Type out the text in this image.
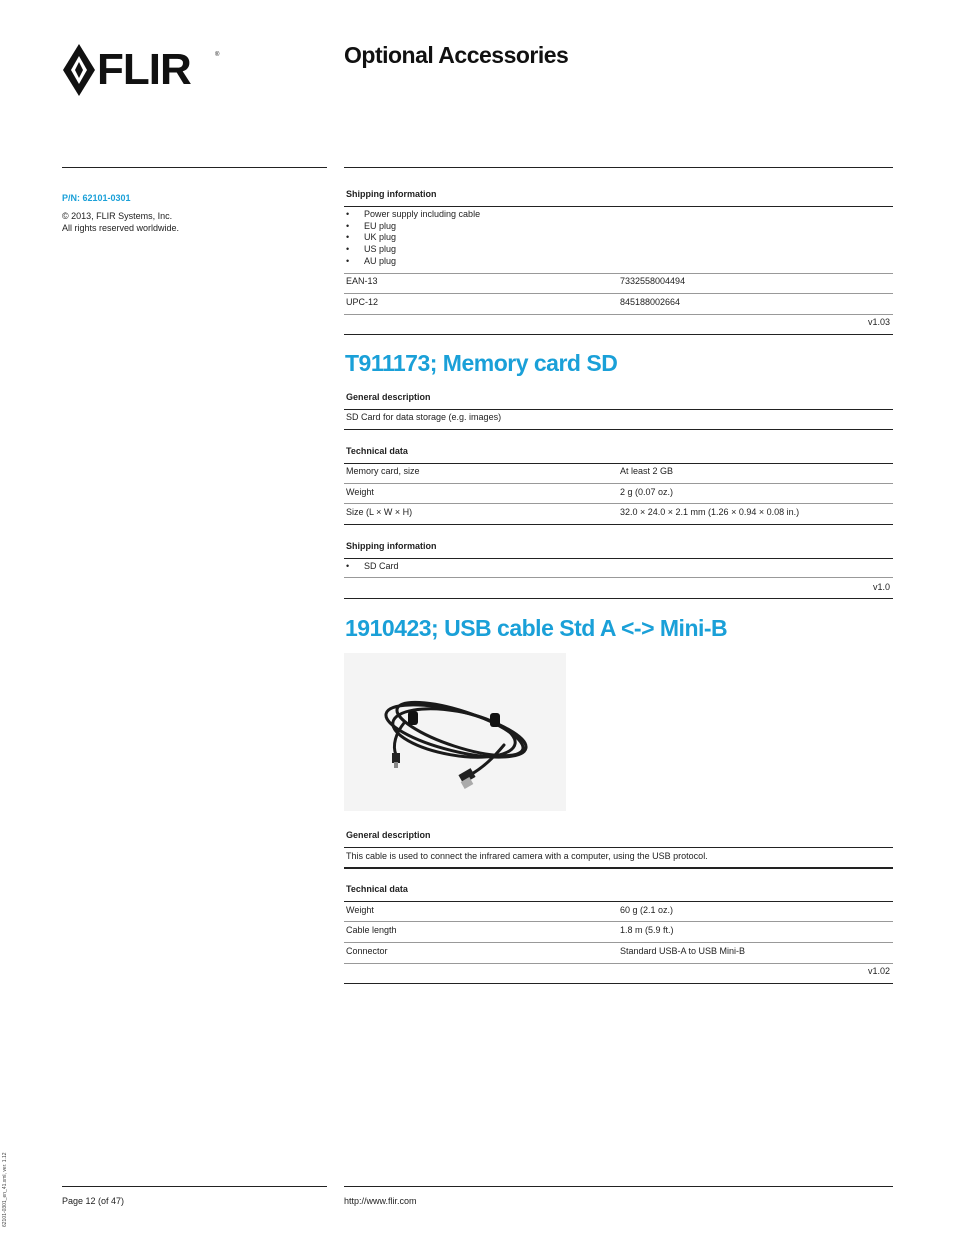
FLIR	®	Optional Accessories
P/N: 62101-0301
© 2013, FLIR Systems, Inc.
All rights reserved worldwide.
Shipping information
• Power supply including cable
• EU plug
• UK plug
• US plug
• AU plug
EAN-13	7332558004494
UPC-12	845188002664
v1.03
T911173; Memory card SD
General description
SD Card for data storage (e.g. images)
Technical data
Memory card, size	At least 2 GB
Weight	2 g (0.07 oz.)
Size (L × W × H)	32.0 × 24.0 × 2.1 mm (1.26 × 0.94 × 0.08 in.)
Shipping information
• SD Card
v1.0
1910423; USB cable Std A <-> Mini-B
General description
This cable is used to connect the infrared camera with a computer, using the USB protocol.
Technical data
Weight	60 g (2.1 oz.)
Cable length	1.8 m (5.9 ft.)
Connector	Standard USB-A to USB Mini-B
v1.02
62101-0301_en_41.xml, ver. 1.12	Page 12 (of 47)	http://www.flir.com
